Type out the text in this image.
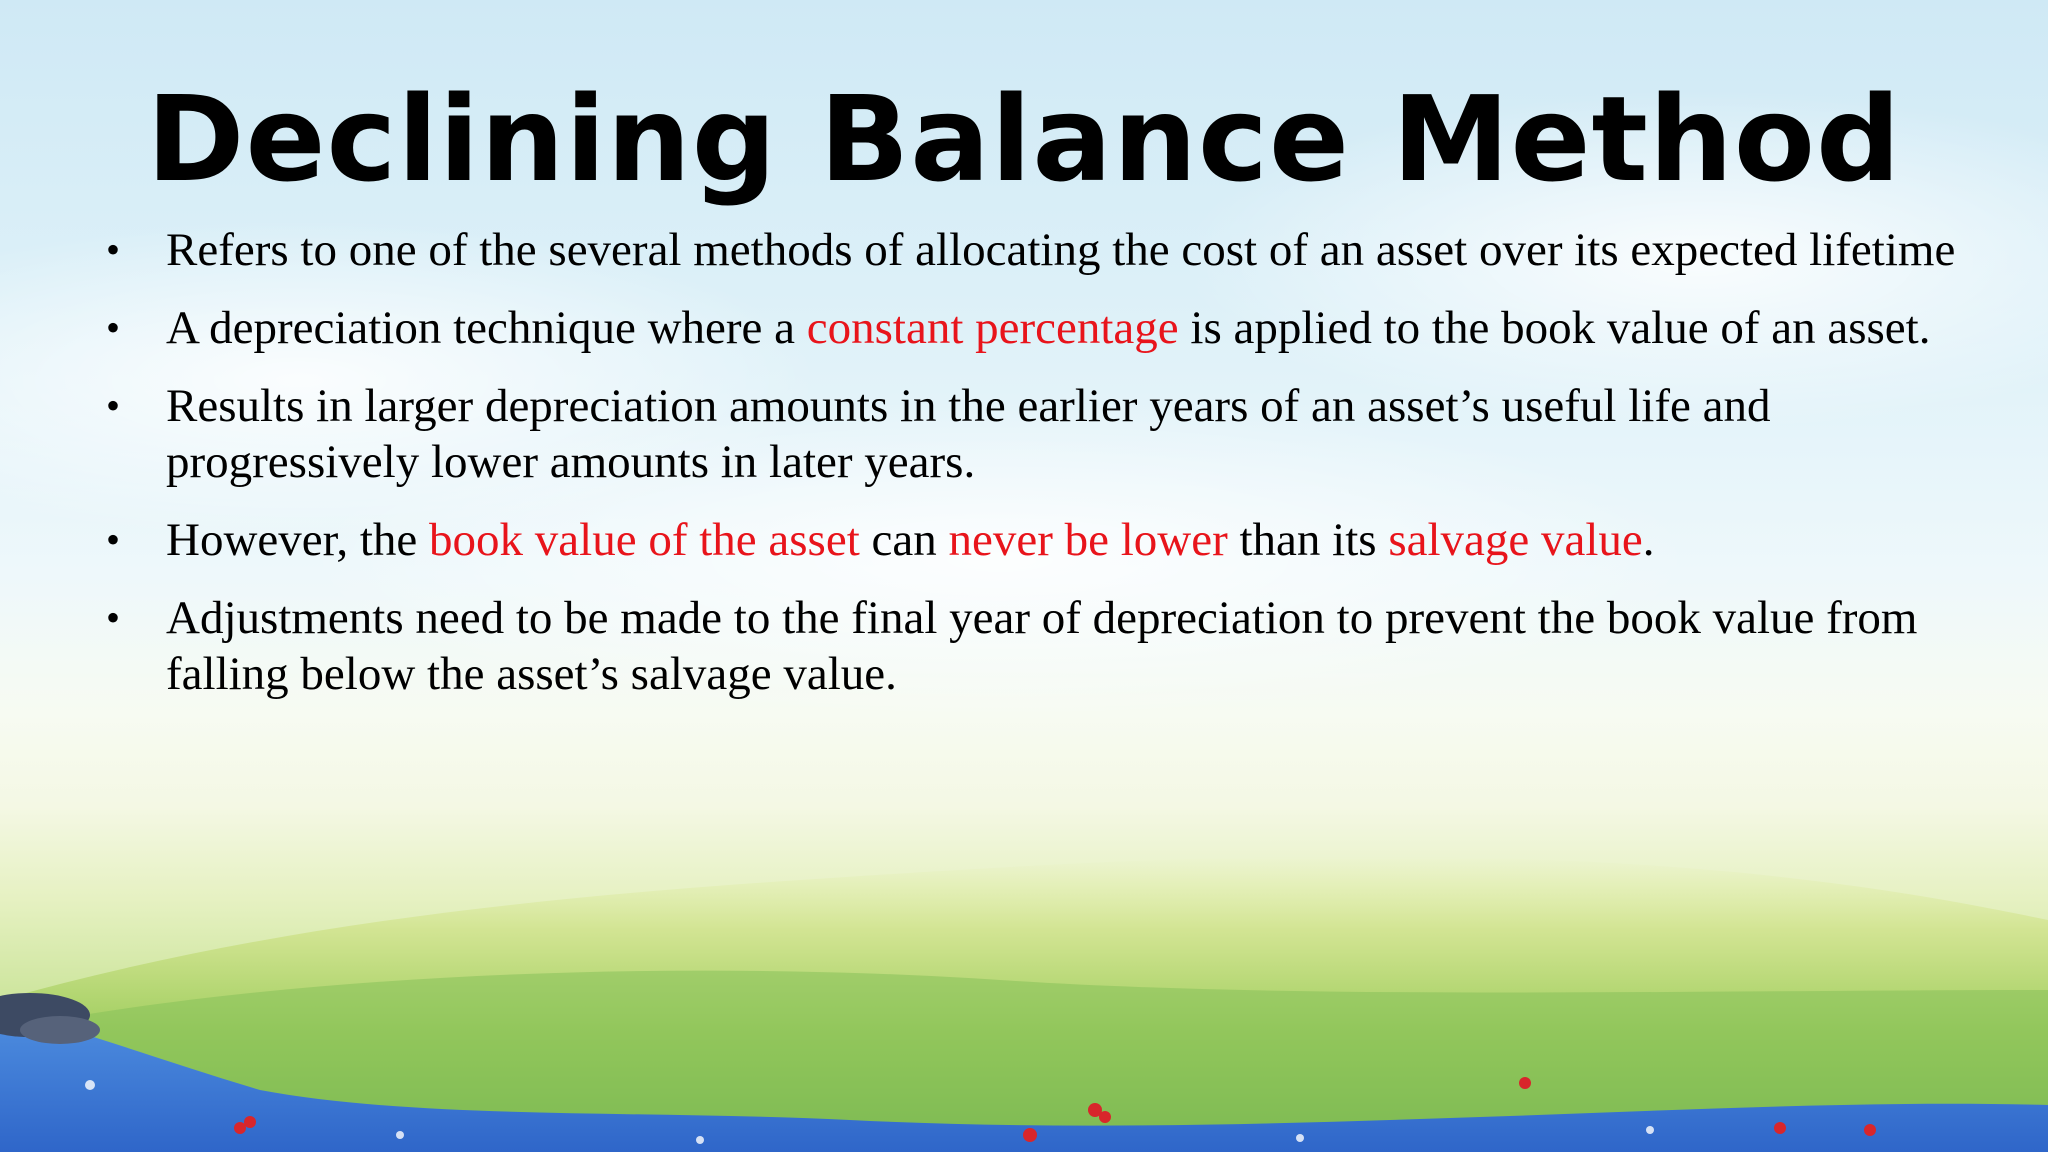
Declining Balance Method
• Refers to one of the several methods of allocating the cost of an asset over its expected lifetime
• A depreciation technique where a constant percentage is applied to the book value of an asset.
• Results in larger depreciation amounts in the earlier years of an asset’s useful life and progressively lower amounts in later years.
• However, the book value of the asset can never be lower than its salvage value.
• Adjustments need to be made to the final year of depreciation to prevent the book value from falling below the asset’s salvage value.
